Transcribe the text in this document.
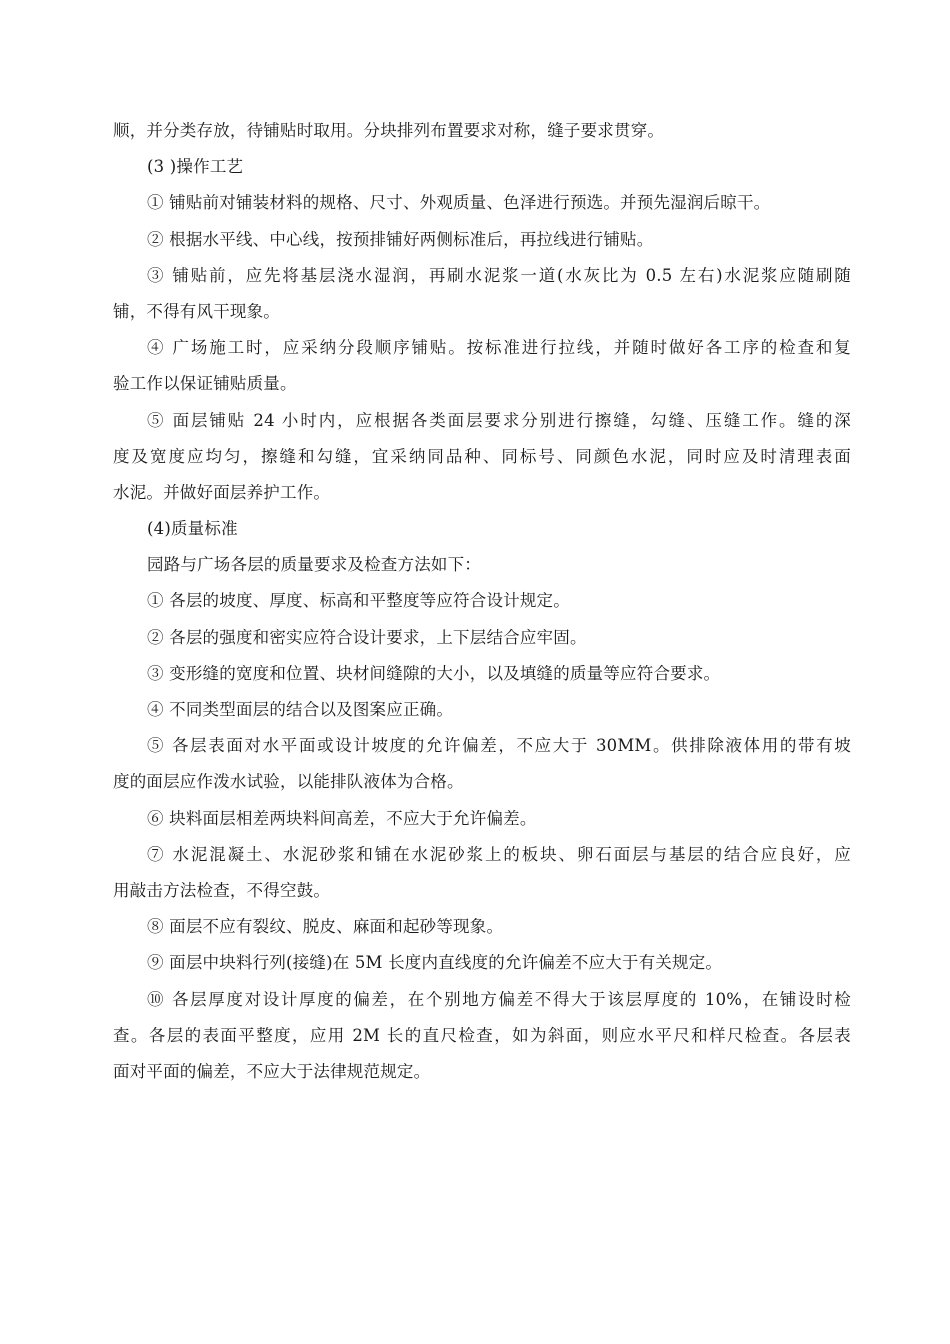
顺，并分类存放，待铺贴时取用。分块排列布置要求对称，缝子要求贯穿。
(3 )操作工艺
① 铺贴前对铺装材料的规格、尺寸、外观质量、色泽进行预选。并预先湿润后晾干。
② 根据水平线、中心线，按预排铺好两侧标准后，再拉线进行铺贴。
③ 铺贴前，应先将基层浇水湿润，再刷水泥浆一道(水灰比为 0.5 左右)水泥浆应随刷随
铺，不得有风干现象。
④ 广场施工时，应采纳分段顺序铺贴。按标准进行拉线，并随时做好各工序的检查和复
验工作以保证铺贴质量。
⑤ 面层铺贴 24 小时内，应根据各类面层要求分别进行擦缝，勾缝、压缝工作。缝的深
度及宽度应均匀，擦缝和勾缝，宜采纳同品种、同标号、同颜色水泥，同时应及时清理表面
水泥。并做好面层养护工作。
(4)质量标准
园路与广场各层的质量要求及检查方法如下：
① 各层的坡度、厚度、标高和平整度等应符合设计规定。
② 各层的强度和密实应符合设计要求，上下层结合应牢固。
③ 变形缝的宽度和位置、块材间缝隙的大小，以及填缝的质量等应符合要求。
④ 不同类型面层的结合以及图案应正确。
⑤ 各层表面对水平面或设计坡度的允许偏差，不应大于 30MM。供排除液体用的带有坡
度的面层应作泼水试验，以能排队液体为合格。
⑥ 块料面层相差两块料间高差，不应大于允许偏差。
⑦ 水泥混凝土、水泥砂浆和铺在水泥砂浆上的板块、卵石面层与基层的结合应良好，应
用敲击方法检查，不得空鼓。
⑧ 面层不应有裂纹、脱皮、麻面和起砂等现象。
⑨ 面层中块料行列(接缝)在 5M 长度内直线度的允许偏差不应大于有关规定。
⑩ 各层厚度对设计厚度的偏差，在个别地方偏差不得大于该层厚度的 10%，在铺设时检
查。各层的表面平整度，应用 2M 长的直尺检查，如为斜面，则应水平尺和样尺检查。各层表
面对平面的偏差，不应大于法律规范规定。
